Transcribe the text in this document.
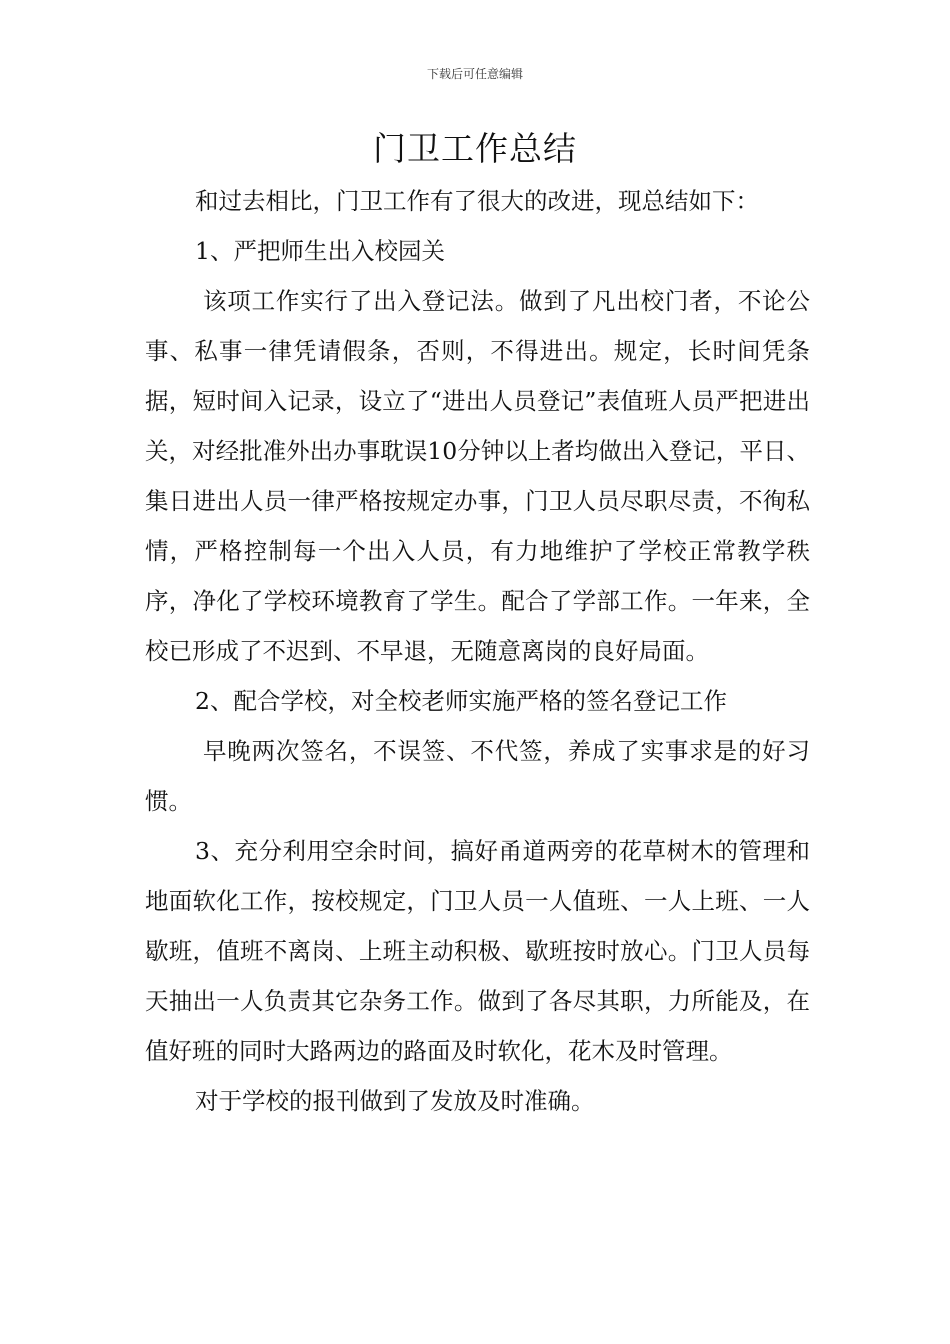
下载后可任意编辑
门卫工作总结

和过去相比，门卫工作有了很大的改进，现总结如下：

1、严把师生出入校园关

该项工作实行了出入登记法。做到了凡出校门者，不论公事、私事一律凭请假条，否则，不得进出。规定，长时间凭条据，短时间入记录，设立了“进出人员登记”表值班人员严把进出关，对经批准外出办事耽误10分钟以上者均做出入登记，平日、集日进出人员一律严格按规定办事，门卫人员尽职尽责，不徇私情，严格控制每一个出入人员，有力地维护了学校正常教学秩序，净化了学校环境教育了学生。配合了学部工作。一年来，全校已形成了不迟到、不早退，无随意离岗的良好局面。

2、配合学校，对全校老师实施严格的签名登记工作

早晚两次签名，不误签、不代签，养成了实事求是的好习惯。

3、充分利用空余时间，搞好甬道两旁的花草树木的管理和地面软化工作，按校规定，门卫人员一人值班、一人上班、一人歇班，值班不离岗、上班主动积极、歇班按时放心。门卫人员每天抽出一人负责其它杂务工作。做到了各尽其职，力所能及，在值好班的同时大路两边的路面及时软化，花木及时管理。

对于学校的报刊做到了发放及时准确。
